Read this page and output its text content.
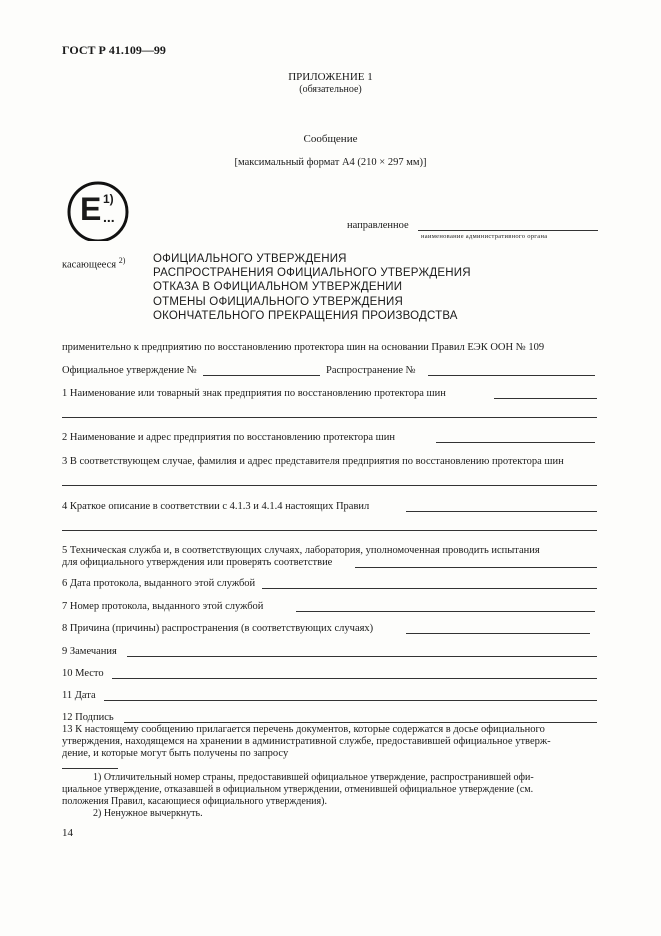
ГОСТ Р 41.109—99
ПРИЛОЖЕНИЕ 1
(обязательное)
Сообщение
[максимальный формат А4 (210 × 297 мм)]
E 1)
...
направленное
наименование административного органа
касающееся $^{2)}$ ОФИЦИАЛЬНОГО УТВЕРЖДЕНИЯ
РАСПРОСТРАНЕНИЯ ОФИЦИАЛЬНОГО УТВЕРЖДЕНИЯ
ОТКАЗА В ОФИЦИАЛЬНОМ УТВЕРЖДЕНИИ
ОТМЕНЫ ОФИЦИАЛЬНОГО УТВЕРЖДЕНИЯ
ОКОНЧАТЕЛЬНОГО ПРЕКРАЩЕНИЯ ПРОИЗВОДСТВА
применительно к предприятию по восстановлению протектора шин на основании Правил ЕЭК ООН № 109
Официальное утверждение №	Распространение №
1 Наименование или товарный знак предприятия по восстановлению протектора шин
2 Наименование и адрес предприятия по восстановлению протектора шин
3 В соответствующем случае, фамилия и адрес представителя предприятия по восстановлению протектора шин
4 Краткое описание в соответствии с 4.1.3 и 4.1.4 настоящих Правил
5 Техническая служба и, в соответствующих случаях, лаборатория, уполномоченная проводить испытания
для официального утверждения или проверять соответствие
6 Дата протокола, выданного этой службой
7 Номер протокола, выданного этой службой
8 Причина (причины) распространения (в соответствующих случаях)
9 Замечания
10 Место
11 Дата
12 Подпись
13 К настоящему сообщению прилагается перечень документов, которые содержатся в досье официального
утверждения, находящемся на хранении в административной службе, предоставившей официальное утверж-
дение, и которые могут быть получены по запросу
1) Отличительный номер страны, предоставившей официальное утверждение, распространившей офи-
циальное утверждение, отказавшей в официальном утверждении, отменившей официальное утверждение (см.
положения Правил, касающиеся официального утверждения).
2) Ненужное вычеркнуть.
14
